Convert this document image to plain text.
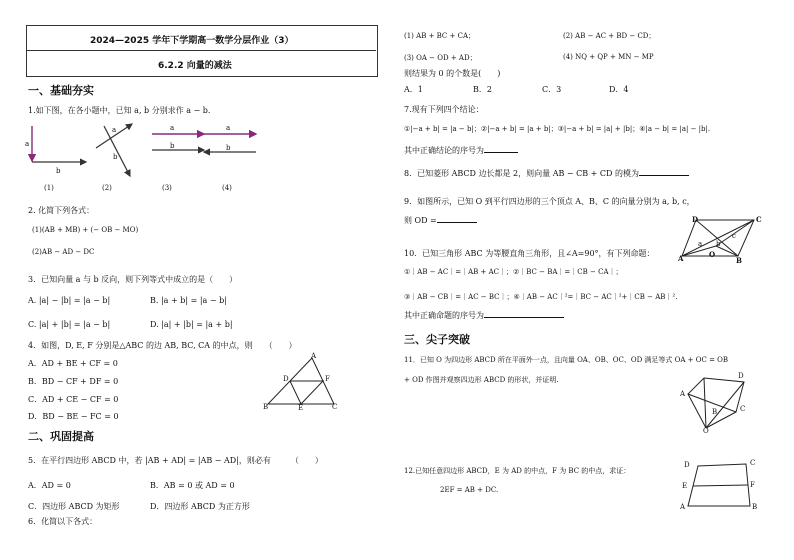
2024—2025 学年下学期高一数学分层作业（3）
6.2.2 向量的减法
一、基础夯实
1.如下图，在各小题中，已知 a, b 分别求作 a − b.
a
b
a
b
a
b
a
b
(1)	(2)	(3)	(4)
2. 化简下列各式：
(1)(AB + MB) + (− OB − MO)
(2)AB − AD − DC
3．已知向量 a 与 b 反向，则下列等式中成立的是（　　）
A. |a| − |b| = |a − b|	B. |a + b| = |a − b|
C. |a| + |b| = |a − b|	D. |a| + |b| = |a + b|
4．如图，D, E, F 分别是△ABC 的边 AB, BC, CA 的中点，则　　（　　）
A．AD + BE + CF = 0
B．BD − CF + DF = 0
C．AD + CE − CF = 0
D．BD − BE − FC = 0
A
B	C
D
E
F
二、巩固提高
5．在平行四边形 ABCD 中，若 |AB + AD| = |AB − AD|，则必有　　　（　　）
A．AD = 0	B．AB = 0 或 AD = 0
C．四边形 ABCD 为矩形	D．四边形 ABCD 为正方形
6．化简以下各式：
(1) AB + BC + CA；	(2) AB − AC + BD − CD；
(3) OA − OD + AD；	(4) NQ + QP + MN − MP
则结果为 0 的个数是(　　)
A．1	B．2	C．3	D．4
7.现有下列四个结论：
①|−a + b| = |a − b|；②|−a + b| = |a + b|；③|−a + b| = |a| + |b|；④|a − b| = |a| − |b|.
其中正确结论的序号为
8．已知菱形 ABCD 边长都是 2，则向量 AB − CB + CD 的模为
9．如图所示，已知 O 到平行四边形的三个顶点 A、B、C 的向量分别为 a, b, c，
则 OD =	D	C
A	O
B
a b
c
10．已知三角形 ABC 为等腰直角三角形，且∠A=90°，有下列命题：
①｜AB − AC｜=｜AB + AC｜；②｜BC − BA｜=｜CB − CA｜；
③｜AB − CB｜=｜AC − BC｜；④｜AB − AC｜²=｜BC − AC｜²+｜CB − AB｜².
其中正确命题的序号为
三、尖子突破
11．已知 O 为四边形 ABCD 所在平面外一点，且向量 OA、OB、OC、OD 满足等式 OA + OC = OB
+ OD 作图并观察四边形 ABCD 的形状，并证明.
O
A
B	C
D
12.已知任意四边形 ABCD，E 为 AD 的中点，F 为 BC 的中点，求证：
2EF = AB + DC.
D	C
E	F
A	B
